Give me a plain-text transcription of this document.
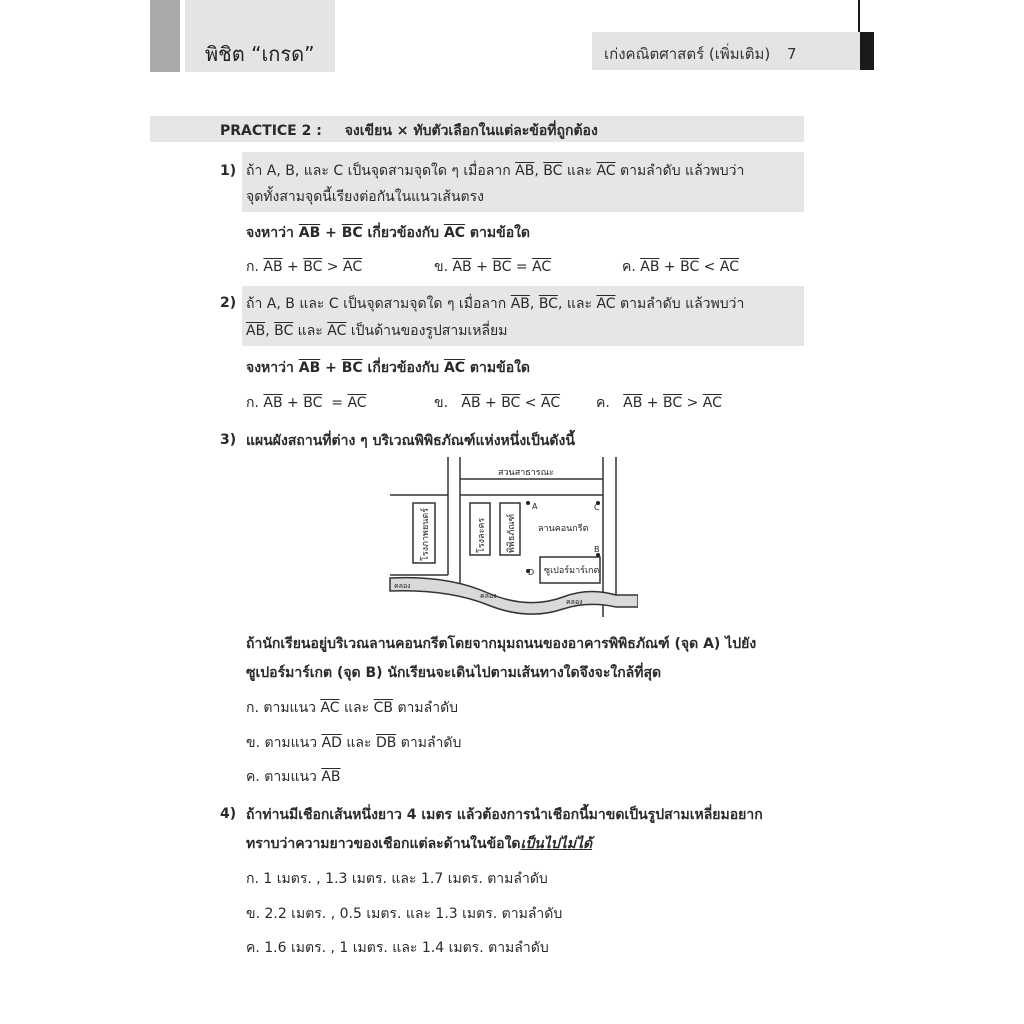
พิชิต “เกรด”	เก่งคณิตศาสตร์ (เพิ่มเติม) 7
PRACTICE 2 : จงเขียน × ทับตัวเลือกในแต่ละข้อที่ถูกต้อง
1) ถ้า A, B, และ C เป็นจุดสามจุดใด ๆ เมื่อลาก $\overline{AB}$, $\overline{BC}$ และ $\overline{AC}$ ตามลำดับ แล้วพบว่า
จุดทั้งสามจุดนี้เรียงต่อกันในแนวเส้นตรง
จงหาว่า $\overline{AB} + \overline{BC}$ เกี่ยวข้องกับ $\overline{AC}$ ตามข้อใด
ก. $\overline{AB} + \overline{BC} > \overline{AC}$	ข. $\overline{AB} + \overline{BC} = \overline{AC}$	ค. $\overline{AB} + \overline{BC} < \overline{AC}$
2) ถ้า A, B และ C เป็นจุดสามจุดใด ๆ เมื่อลาก $\overline{AB}$, $\overline{BC}$, และ $\overline{AC}$ ตามลำดับ แล้วพบว่า
$\overline{AB}$, $\overline{BC}$ และ $\overline{AC}$ เป็นด้านของรูปสามเหลี่ยม
จงหาว่า $\overline{AB} + \overline{BC}$ เกี่ยวข้องกับ $\overline{AC}$ ตามข้อใด
ก. $\overline{AB} + \overline{BC} = \overline{AC}$	ข.   $\overline{AB} + \overline{BC} < \overline{AC}$	ค.   $\overline{AB} + \overline{BC} > \overline{AC}$
3) แผนผังสถานที่ต่าง ๆ บริเวณพิพิธภัณฑ์แห่งหนึ่งเป็นดังนี้
สวนสาธารณะ
ลานคอนกรีต
ซูเปอร์มาร์เกต
โรงภาพยนตร์	โรงละคร พิพิธภัณฑ์
คลอง
คลอง
คลอง
A	C
B
D
ถ้านักเรียนอยู่บริเวณลานคอนกรีตโดยจากมุมถนนของอาคารพิพิธภัณฑ์ (จุด A) ไปยัง
ซูเปอร์มาร์เกต (จุด B) นักเรียนจะเดินไปตามเส้นทางใดจึงจะใกล้ที่สุด
ก. ตามแนว $\overline{AC}$ และ $\overline{CB}$ ตามลำดับ
ข. ตามแนว $\overline{AD}$ และ $\overline{DB}$ ตามลำดับ
ค. ตามแนว $\overline{AB}$
4) ถ้าท่านมีเชือกเส้นหนึ่งยาว 4 เมตร แล้วต้องการนำเชือกนี้มาขดเป็นรูปสามเหลี่ยมอยาก
ทราบว่าความยาวของเชือกแต่ละด้านในข้อใดเป็นไปไม่ได้
ก. 1 เมตร. , 1.3 เมตร. และ 1.7 เมตร. ตามลำดับ
ข. 2.2 เมตร. , 0.5 เมตร. และ 1.3 เมตร. ตามลำดับ
ค. 1.6 เมตร. , 1 เมตร. และ 1.4 เมตร. ตามลำดับ
